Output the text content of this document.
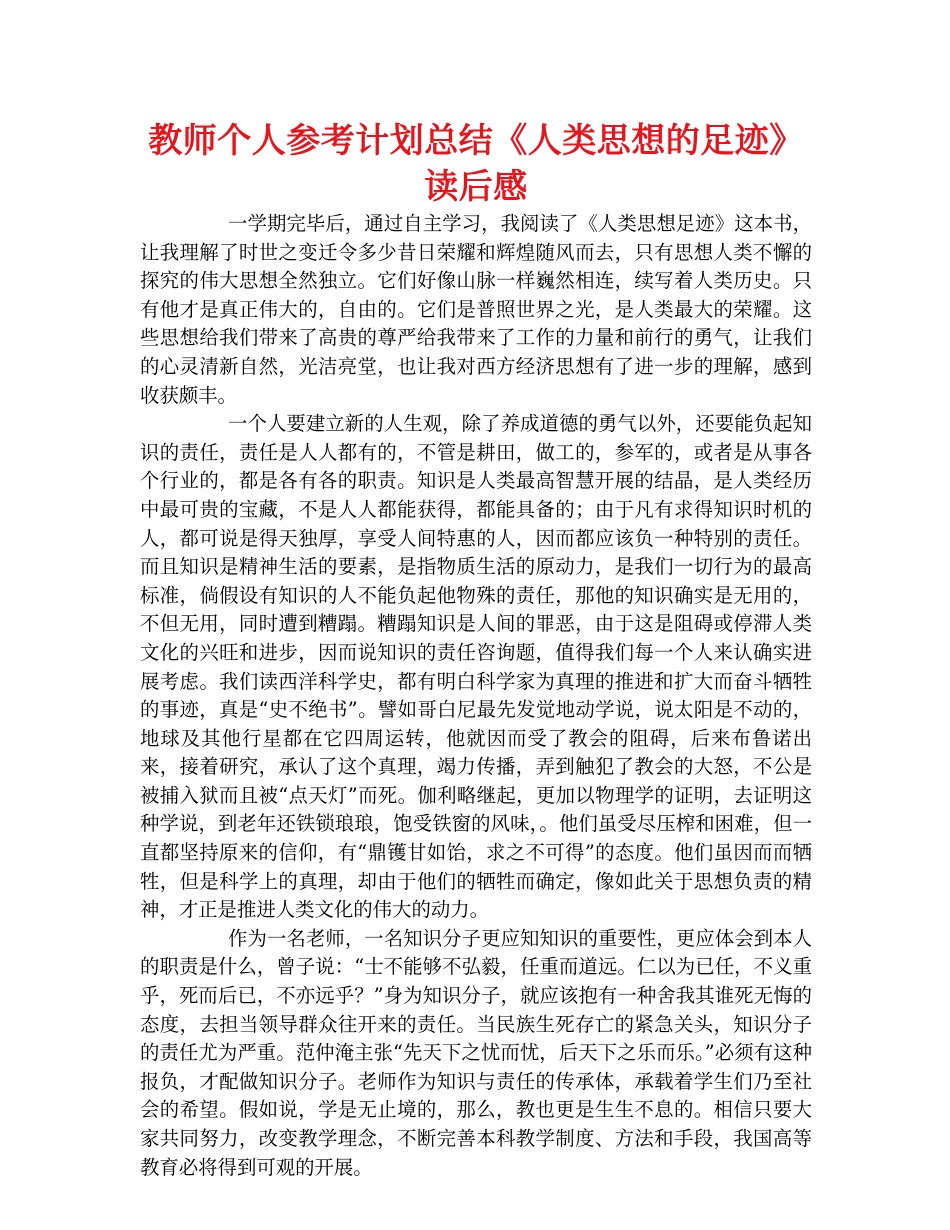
教师个人参考计划总结《人类思想的足迹》读后感

一学期完毕后，通过自主学习，我阅读了《人类思想足迹》这本书，让我理解了时世之变迁令多少昔日荣耀和辉煌随风而去，只有思想人类不懈的探究的伟大思想全然独立。它们好像山脉一样巍然相连，续写着人类历史。只有他才是真正伟大的，自由的。它们是普照世界之光，是人类最大的荣耀。这些思想给我们带来了高贵的尊严给我带来了工作的力量和前行的勇气，让我们的心灵清新自然，光洁亮堂，也让我对西方经济思想有了进一步的理解，感到收获颇丰。

一个人要建立新的人生观，除了养成道德的勇气以外，还要能负起知识的责任，责任是人人都有的，不管是耕田，做工的，参军的，或者是从事各个行业的，都是各有各的职责。知识是人类最高智慧开展的结晶，是人类经历中最可贵的宝藏，不是人人都能获得，都能具备的；由于凡有求得知识时机的人，都可说是得天独厚，享受人间特惠的人，因而都应该负一种特别的责任。而且知识是精神生活的要素，是指物质生活的原动力，是我们一切行为的最高标准，倘假设有知识的人不能负起他物殊的责任，那他的知识确实是无用的，不但无用，同时遭到糟蹋。糟蹋知识是人间的罪恶，由于这是阻碍或停滞人类文化的兴旺和进步，因而说知识的责任咨询题，值得我们每一个人来认确实进展考虑。我们读西洋科学史，都有明白科学家为真理的推进和扩大而奋斗牺牲的事迹，真是“史不绝书”。譬如哥白尼最先发觉地动学说，说太阳是不动的，地球及其他行星都在它四周运转，他就因而受了教会的阻碍，后来布鲁诺出来，接着研究，承认了这个真理，竭力传播，弄到触犯了教会的大怒，不公是被捕入狱而且被“点天灯”而死。伽利略继起，更加以物理学的证明，去证明这种学说，到老年还铁锁琅琅，饱受铁窗的风味，。他们虽受尽压榨和困难，但一直都坚持原来的信仰，有“鼎镬甘如饴，求之不可得”的态度。他们虽因而而牺牲，但是科学上的真理，却由于他们的牺牲而确定，像如此关于思想负责的精神，才正是推进人类文化的伟大的动力。

作为一名老师，一名知识分子更应知知识的重要性，更应体会到本人的职责是什么，曾子说：“士不能够不弘毅，任重而道远。仁以为已任，不义重乎，死而后已，不亦远乎？”身为知识分子，就应该抱有一种舍我其谁死无悔的态度，去担当领导群众往开来的责任。当民族生死存亡的紧急关头，知识分子的责任尤为严重。范仲淹主张“先天下之忧而忧，后天下之乐而乐。”必须有这种报负，才配做知识分子。老师作为知识与责任的传承体，承载着学生们乃至社会的希望。假如说，学是无止境的，那么，教也更是生生不息的。相信只要大家共同努力，改变教学理念，不断完善本科教学制度、方法和手段，我国高等教育必将得到可观的开展。
